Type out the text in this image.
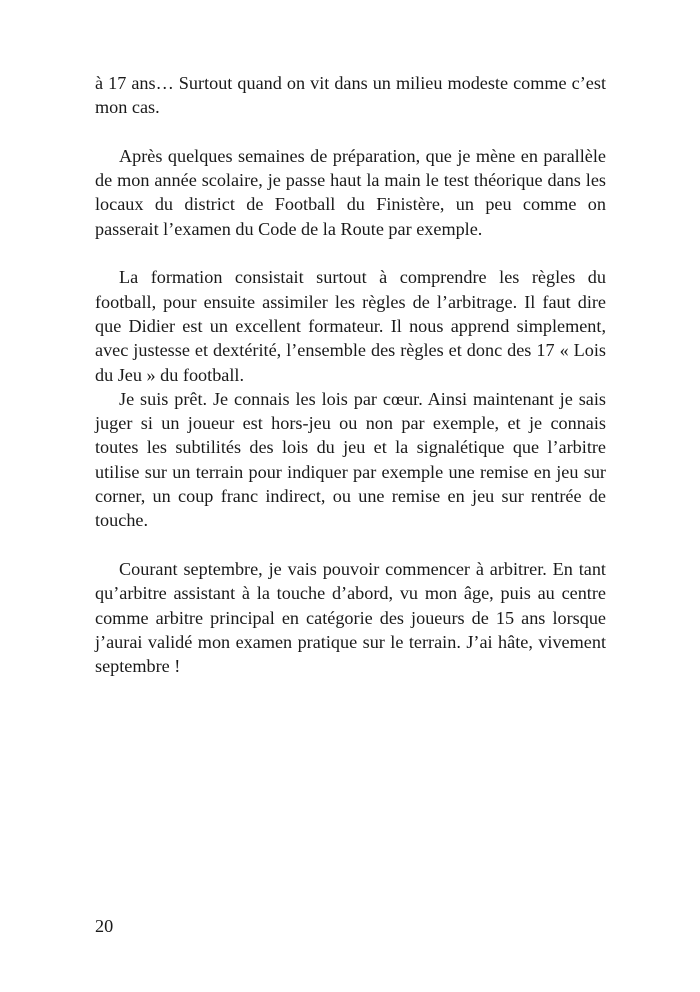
à 17 ans… Surtout quand on vit dans un milieu modeste comme c’est mon cas.

Après quelques semaines de préparation, que je mène en parallèle de mon année scolaire, je passe haut la main le test théorique dans les locaux du district de Football du Finistère, un peu comme on passerait l’examen du Code de la Route par exemple.

La formation consistait surtout à comprendre les règles du football, pour ensuite assimiler les règles de l’arbitrage. Il faut dire que Didier est un excellent formateur. Il nous apprend simplement, avec justesse et dextérité, l’ensemble des règles et donc des 17 « Lois du Jeu » du football.

Je suis prêt. Je connais les lois par cœur. Ainsi maintenant je sais juger si un joueur est hors-jeu ou non par exemple, et je connais toutes les subtilités des lois du jeu et la signalétique que l’arbitre utilise sur un terrain pour indiquer par exemple une remise en jeu sur corner, un coup franc indirect, ou une remise en jeu sur rentrée de touche.

Courant septembre, je vais pouvoir commencer à arbitrer. En tant qu’arbitre assistant à la touche d’abord, vu mon âge, puis au centre comme arbitre principal en catégorie des joueurs de 15 ans lorsque j’aurai validé mon examen pratique sur le terrain. J’ai hâte, vivement septembre !

20
